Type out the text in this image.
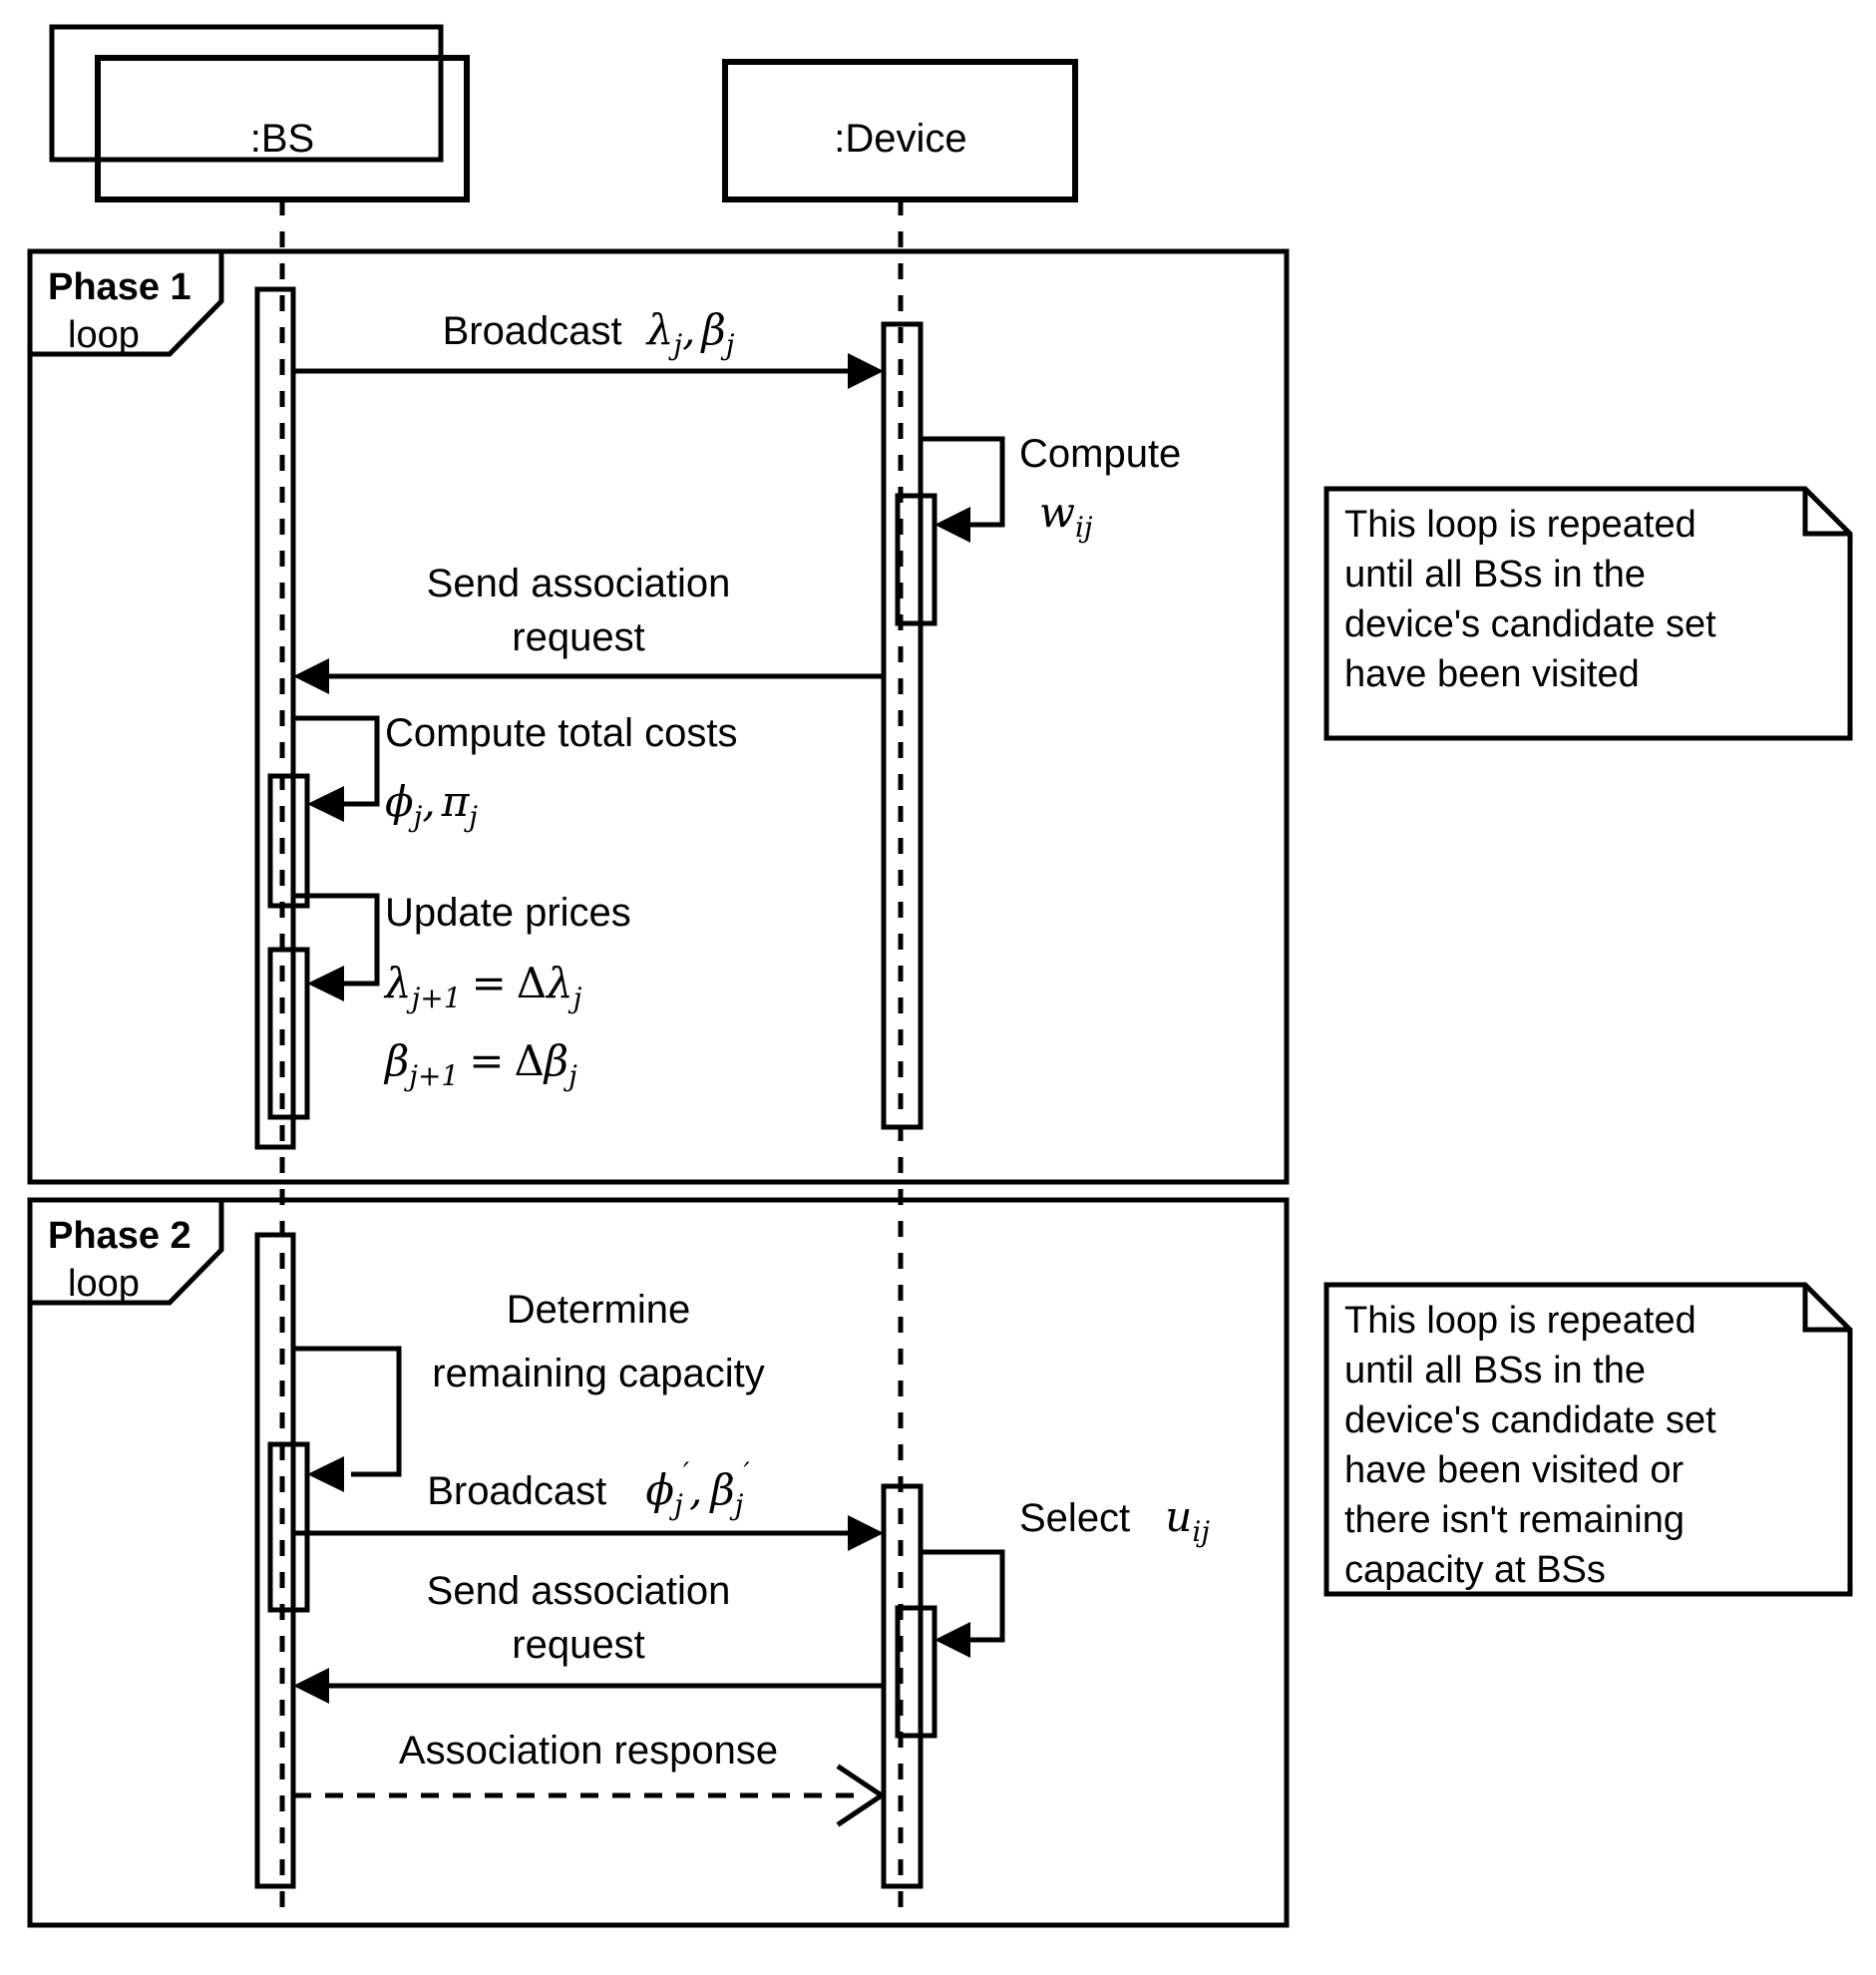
:BS	:Device
Phase 1
loop	Broadcast $\lambda_j$, $\beta_j$
Compute
$w_{ij}$
Send association
request
Compute total costs
$\phi_j$, $\pi_j$
Update prices
$\lambda_{j+1} = \Delta\lambda_j$
$\beta_{j+1} = \Delta\beta_j$
Phase 2
loop
Determine
remaining capacity
Broadcast $\phi_j'$, $\beta_j'$
Select $u_{ij}$
Send association
request
Association response
This loop is repeated
until all BSs in the
device's candidate set
have been visited
This loop is repeated
until all BSs in the
device's candidate set
have been visited or
there isn't remaining
capacity at BSs
